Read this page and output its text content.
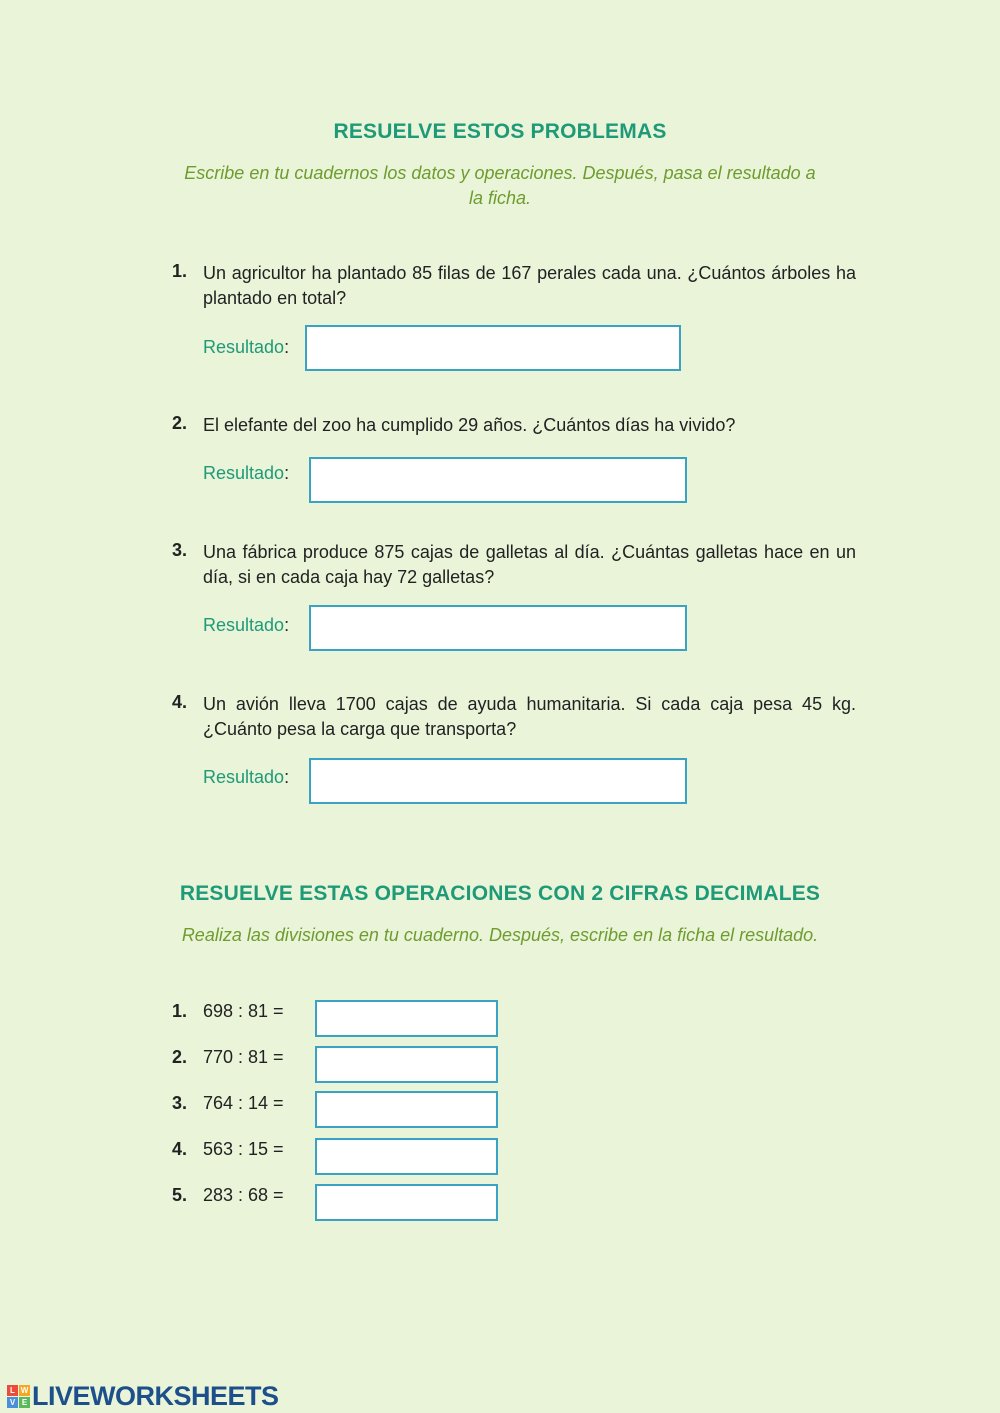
RESUELVE ESTOS PROBLEMAS
Escribe en tu cuadernos los datos y operaciones. Después, pasa el resultado a
la ficha.
1. Un agricultor ha plantado 85 filas de 167 perales cada una. ¿Cuántos árboles ha plantado en total?
Resultado:
2. El elefante del zoo ha cumplido 29 años. ¿Cuántos días ha vivido?
Resultado:
3. Una fábrica produce 875 cajas de galletas al día. ¿Cuántas galletas hace en un día, si en cada caja hay 72 galletas?
Resultado:
4. Un avión lleva 1700 cajas de ayuda humanitaria. Si cada caja pesa 45 kg. ¿Cuánto pesa la carga que transporta?
Resultado:
RESUELVE ESTAS OPERACIONES CON 2 CIFRAS DECIMALES
Realiza las divisiones en tu cuaderno. Después, escribe en la ficha el resultado.
1. 698 : 81 =
2. 770 : 81 =
3. 764 : 14 =
4. 563 : 15 =
5. 283 : 68 =
L W
V E LIVEWORKSHEETS
